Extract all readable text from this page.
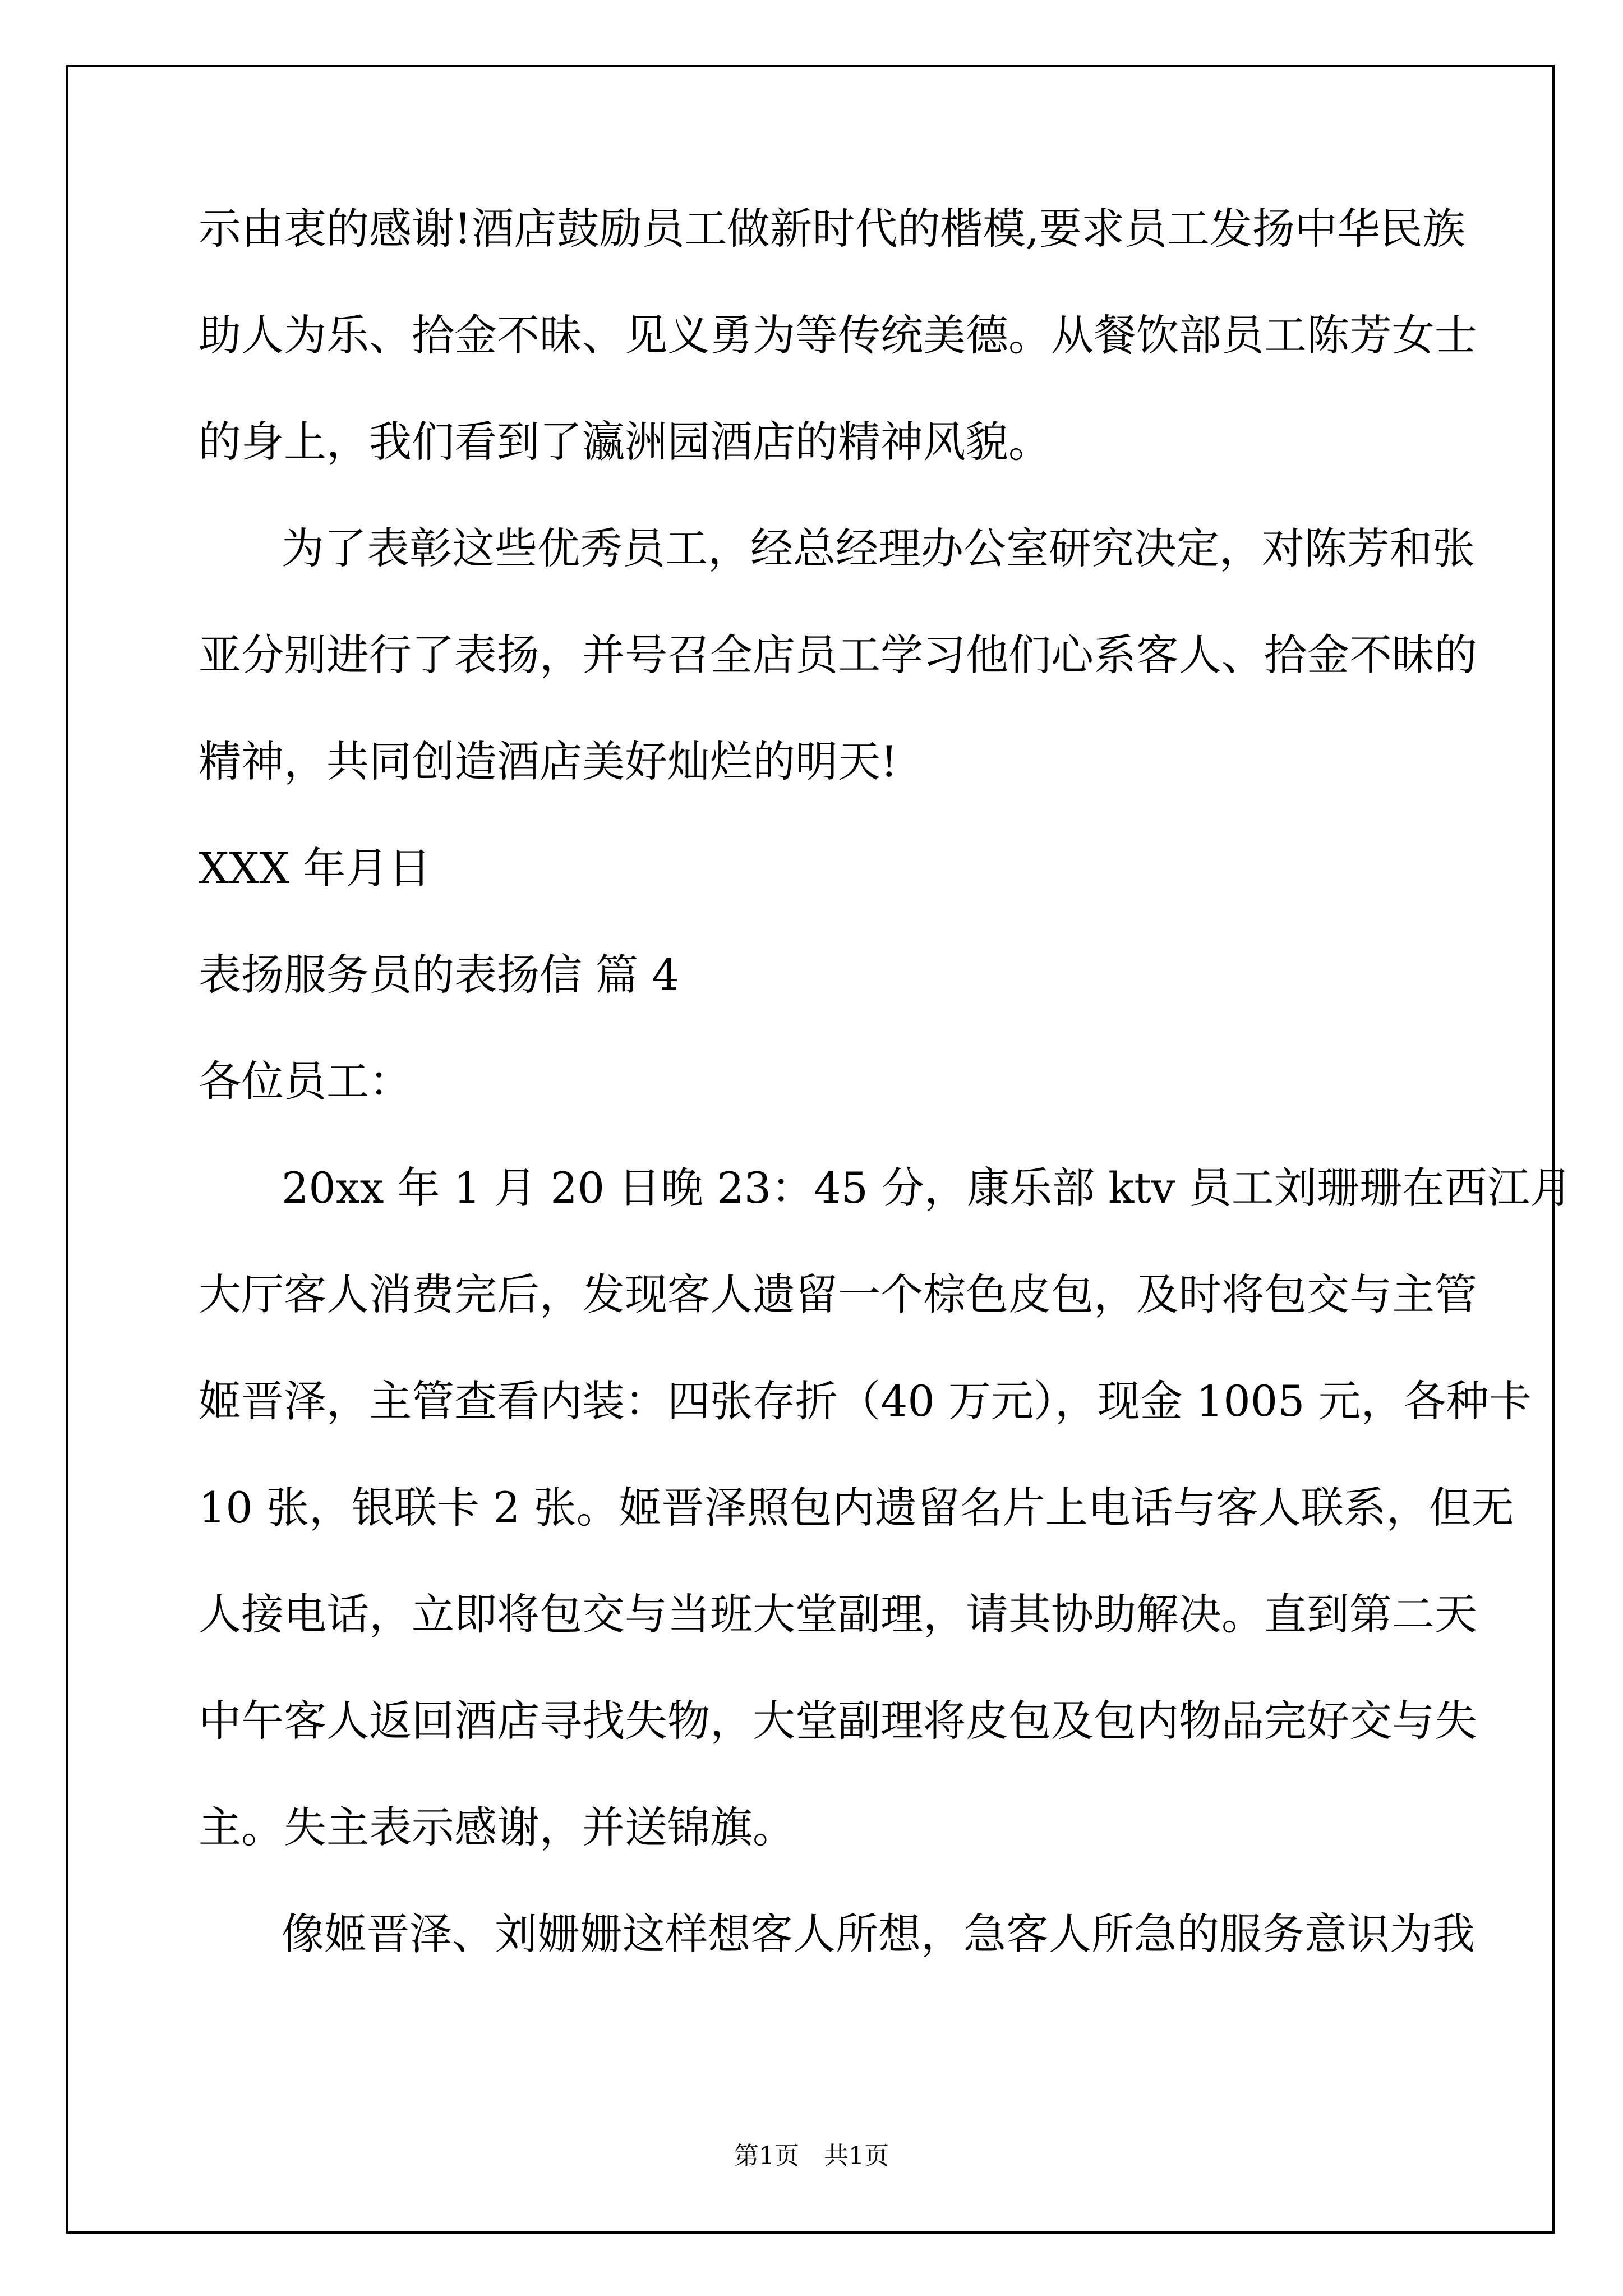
示由衷的感谢!酒店鼓励员工做新时代的楷模,要求员工发扬中华民族
助人为乐、拾金不昧、见义勇为等传统美德。从餐饮部员工陈芳女士
的身上，我们看到了瀛洲园酒店的精神风貌。
为了表彰这些优秀员工，经总经理办公室研究决定，对陈芳和张
亚分别进行了表扬，并号召全店员工学习他们心系客人、拾金不昧的
精神，共同创造酒店美好灿烂的明天!
XXX 年月日
表扬服务员的表扬信 篇 4
各位员工：
20xx 年 1 月 20 日晚 23：45 分，康乐部 ktv 员工刘珊珊在西江月
大厅客人消费完后，发现客人遗留一个棕色皮包，及时将包交与主管
姬晋泽，主管查看内装：四张存折（40 万元），现金 1005 元，各种卡
10 张，银联卡 2 张。姬晋泽照包内遗留名片上电话与客人联系，但无
人接电话，立即将包交与当班大堂副理，请其协助解决。直到第二天
中午客人返回酒店寻找失物，大堂副理将皮包及包内物品完好交与失
主。失主表示感谢，并送锦旗。
像姬晋泽、刘姗姗这样想客人所想，急客人所急的服务意识为我
第1页　共1页
